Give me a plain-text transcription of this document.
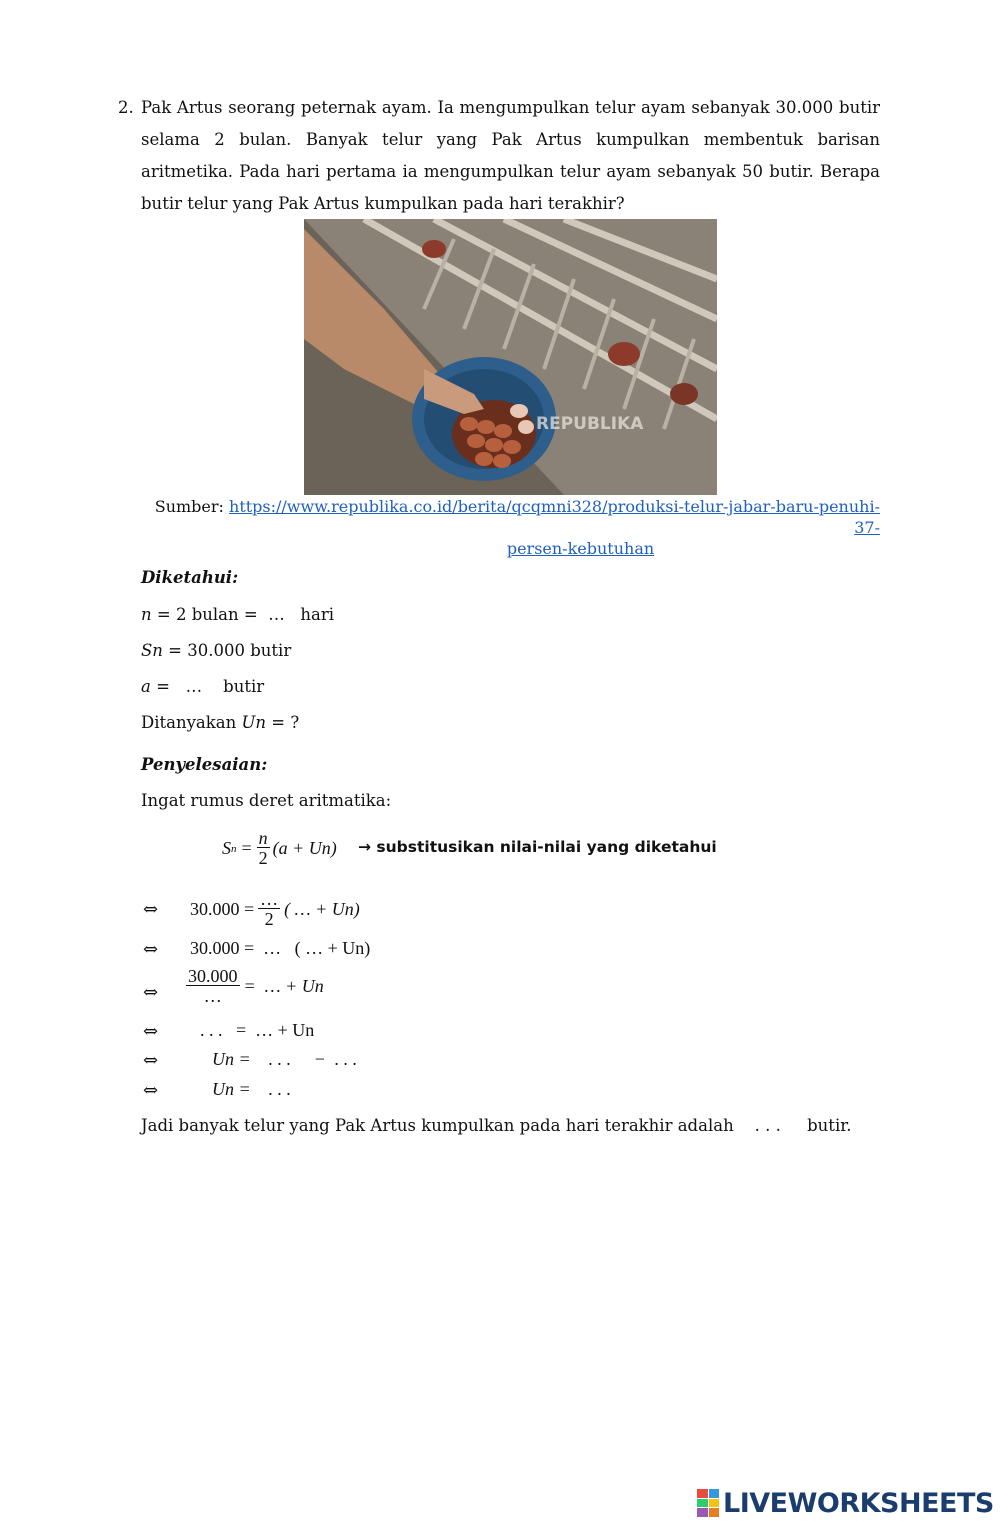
2. Pak Artus seorang peternak ayam. Ia mengumpulkan telur ayam sebanyak 30.000 butir selama 2 bulan. Banyak telur yang Pak Artus kumpulkan membentuk barisan aritmetika. Pada hari pertama ia mengumpulkan telur ayam sebanyak 50 butir. Berapa butir telur yang Pak Artus kumpulkan pada hari terakhir?
REPUBLIKA
Sumber: https://www.republika.co.id/berita/qcqmni328/produksi-telur-jabar-baru-penuhi-37-
persen-kebutuhan
Diketahui:
n = 2 bulan =  …   hari
Sn = 30.000 butir
a =   …    butir
Ditanyakan Un = ?
Penyelesaian:
Ingat rumus deret aritmatika:
S $n = \frac{n}{2} (a + Un)$ → substitusikan nilai-nilai yang diketahui
⇔ $30.000 = \frac{\dots}{2}$ ( … + Un)
⇔ 30.000 =  …   ( … + Un)
⇔ $\frac{30.000}{\dots}$ =  … + Un
⇔ . . .   =  … + Un
⇔	Un =    . . .     −  . . .
⇔	Un =    . . .
Jadi banyak telur yang Pak Artus kumpulkan pada hari terakhir adalah    . . .     butir.
LIVEWORKSHEETS
